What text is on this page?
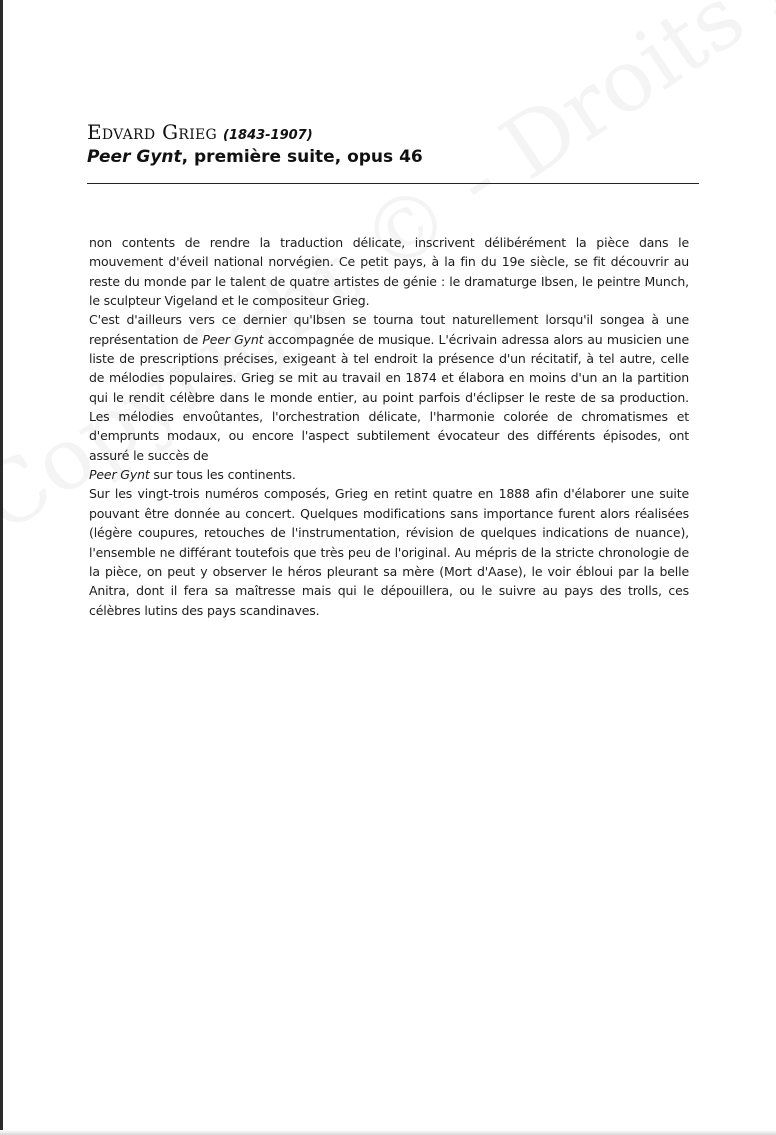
Edvard Grieg (1843-1907)
Peer Gynt, première suite, opus 46

non contents de rendre la traduction délicate, inscrivent délibérément la pièce dans le mouvement d'éveil national norvégien. Ce petit pays, à la fin du 19e siècle, se fit découvrir au reste du monde par le talent de quatre artistes de génie : le dramaturge Ibsen, le peintre Munch, le sculpteur Vigeland et le compositeur Grieg.

C'est d'ailleurs vers ce dernier qu'Ibsen se tourna tout naturellement lorsqu'il songea à une représentation de Peer Gynt accompagnée de musique. L'écrivain adressa alors au musicien une liste de prescriptions précises, exigeant à tel endroit la présence d'un récitatif, à tel autre, celle de mélodies populaires. Grieg se mit au travail en 1874 et élabora en moins d'un an la partition qui le rendit célèbre dans le monde entier, au point parfois d'éclipser le reste de sa production. Les mélodies envoûtantes, l'orchestration délicate, l'harmonie colorée de chromatismes et d'emprunts modaux, ou encore l'aspect subtilement évocateur des différents épisodes, ont assuré le succès de
Peer Gynt sur tous les continents.

Sur les vingt-trois numéros composés, Grieg en retint quatre en 1888 afin d'élaborer une suite pouvant être donnée au concert. Quelques modifications sans importance furent alors réalisées (légère coupures, retouches de l'instrumentation, révision de quelques indications de nuance), l'ensemble ne différant toutefois que très peu de l'original. Au mépris de la stricte chronologie de la pièce, on peut y observer le héros pleurant sa mère (Mort d'Aase), le voir ébloui par la belle Anitra, dont il fera sa maîtresse mais qui le dépouillera, ou le suivre au pays des trolls, ces célèbres lutins des pays scandinaves.
